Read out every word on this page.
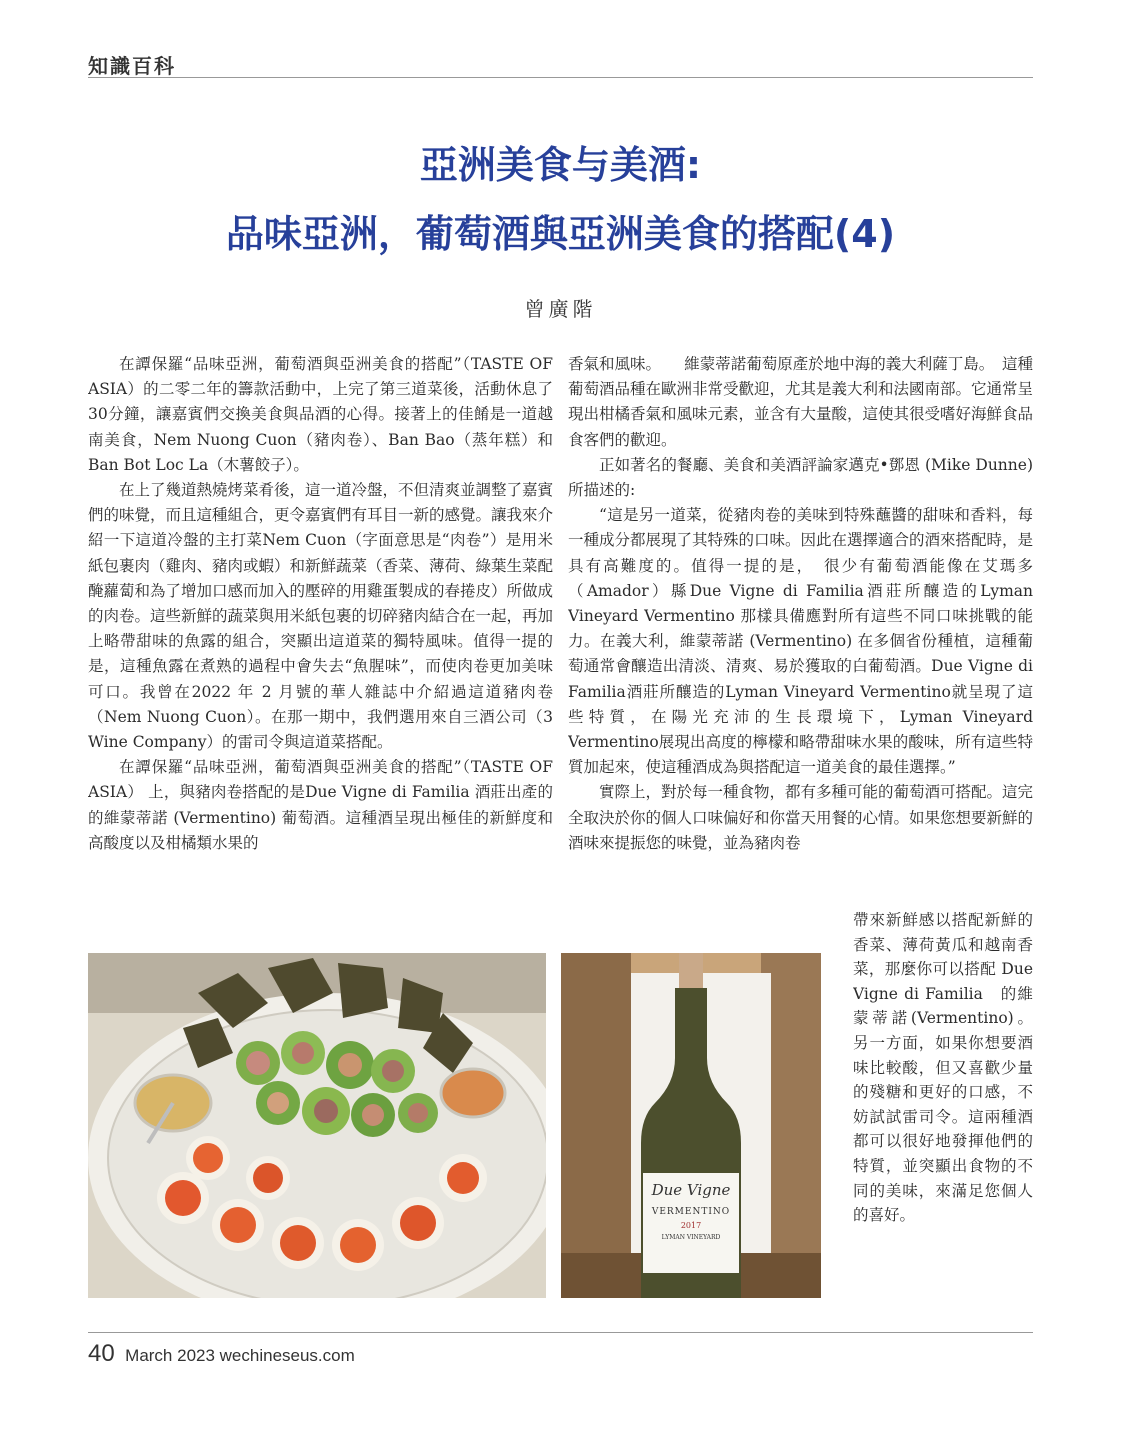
知識百科
亞洲美食与美酒:
品味亞洲，葡萄酒與亞洲美食的搭配(4)
曾廣階

在譚保羅“品味亞洲，葡萄酒與亞洲美食的搭配”（TASTE OF ASIA）的二零二年的籌款活動中，上完了第三道菜後，活動休息了30分鐘，讓嘉賓們交換美食與品酒的心得。接著上的佳餚是一道越南美食，Nem Nuong Cuon（豬肉卷）、Ban Bao（蒸年糕）和 Ban Bot Loc La（木薯餃子）。

在上了幾道熱燒烤菜肴後，這一道冷盤，不但清爽並調整了嘉賓們的味覺，而且這種組合，更令嘉賓們有耳目一新的感覺。讓我來介紹一下這道冷盤的主打菜Nem Cuon（字面意思是“肉卷”）是用米紙包裹肉（雞肉、豬肉或蝦）和新鮮蔬菜（香菜、薄荷、綠葉生菜配醃蘿蔔和為了增加口感而加入的壓碎的用雞蛋製成的春捲皮）所做成的肉卷。這些新鮮的蔬菜與用米紙包裹的切碎豬肉結合在一起，再加上略帶甜味的魚露的組合，突顯出這道菜的獨特風味。值得一提的是，這種魚露在煮熟的過程中會失去“魚腥味”，而使肉卷更加美味可口。我曾在2022 年 2 月號的華人雜誌中介紹過這道豬肉卷（Nem Nuong Cuon）。在那一期中，我們選用來自三酒公司（3 Wine Company）的雷司令與這道菜搭配。

在譚保羅“品味亞洲，葡萄酒與亞洲美食的搭配”（TASTE OF ASIA） 上，與豬肉卷搭配的是Due Vigne di Familia 酒莊出產的的維蒙蒂諾 (Vermentino) 葡萄酒。這種酒呈現出極佳的新鮮度和高酸度以及柑橘類水果的

香氣和風味。　　維蒙蒂諾葡萄原產於地中海的義大利薩丁島。　這種葡萄酒品種在歐洲非常受歡迎，尤其是義大利和法國南部。它通常呈現出柑橘香氣和風味元素，並含有大量酸，這使其很受嗜好海鮮食品食客們的歡迎。

正如著名的餐廳、美食和美酒評論家邁克•鄧恩 (Mike Dunne) 所描述的:

“這是另一道菜，從豬肉卷的美味到特殊蘸醬的甜味和香料，每一種成分都展現了其特殊的口味。因此在選擇適合的酒來搭配時，是具有高難度的。值得一提的是，　很少有葡萄酒能像在艾瑪多（Amador）縣Due Vigne di Familia酒莊所釀造的Lyman Vineyard Vermentino 那樣具備應對所有這些不同口味挑戰的能力。在義大利，維蒙蒂諾 (Vermentino) 在多個省份種植，這種葡萄通常會釀造出清淡、清爽、易於獲取的白葡萄酒。Due Vigne di Familia酒莊所釀造的Lyman Vineyard Vermentino就呈現了這些特質，在陽光充沛的生長環境下，Lyman Vineyard Vermentino展現出高度的檸檬和略帶甜味水果的酸味，所有這些特質加起來，使這種酒成為與搭配這一道美食的最佳選擇。”

實際上，對於每一種食物，都有多種可能的葡萄酒可搭配。這完全取決於你的個人口味偏好和你當天用餐的心情。如果您想要新鮮的酒味來提振您的味覺，並為豬肉卷

帶來新鮮感以搭配新鮮的香菜、薄荷黃瓜和越南香菜，那麼你可以搭配 Due Vigne di Familia　的維蒙蒂諾(Vermentino)。另一方面，如果你想要酒味比較酸，但又喜歡少量的殘糖和更好的口感，不妨試試雷司令。這兩種酒都可以很好地發揮他們的特質，並突顯出食物的不同的美味，來滿足您個人的喜好。

Due Vigne
VERMENTINO
2017
LYMAN VINEYARD
40 March 2023 wechineseus.com
